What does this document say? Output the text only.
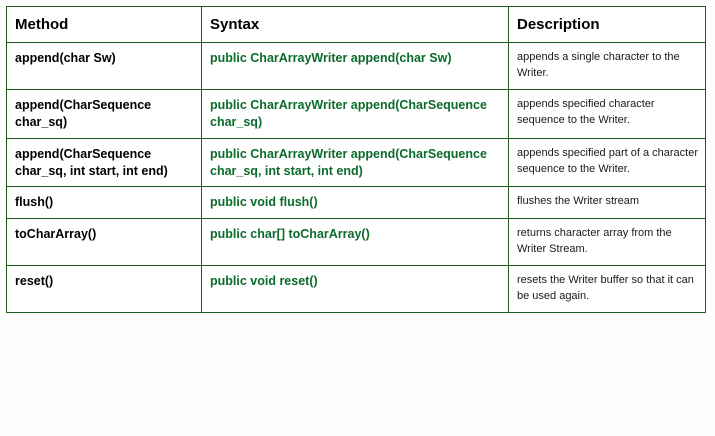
Method	Syntax	Description
append(char Sw)	public CharArrayWriter append(char Sw)	appends a single character to the Writer.
append(CharSequence char_sq)	public CharArrayWriter append(CharSequence char_sq)	appends specified character sequence to the Writer.
append(CharSequence char_sq, int start, int end)	public CharArrayWriter append(CharSequence char_sq, int start, int end)	appends specified part of a character sequence to the Writer.
flush()	public void flush()	flushes the Writer stream
toCharArray()	public char[] toCharArray()	returns character array from the Writer Stream.
reset()	public void reset()	resets the Writer buffer so that it can be used again.
